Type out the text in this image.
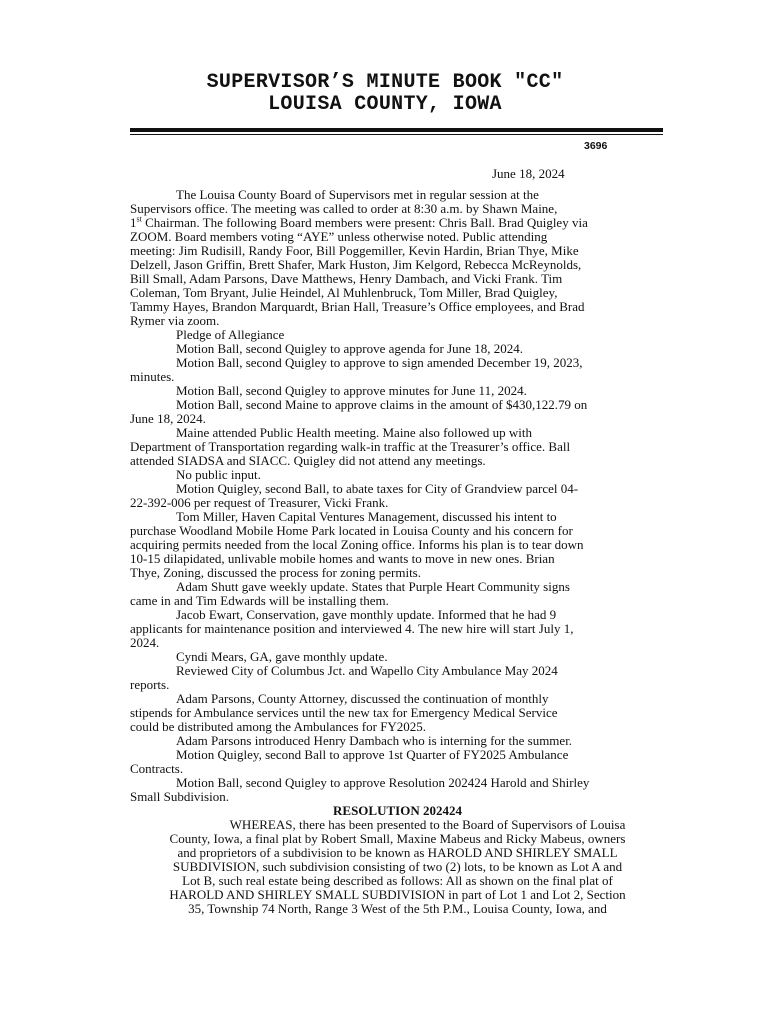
SUPERVISOR’S MINUTE BOOK "CC"
LOUISA COUNTY, IOWA
3696
June 18, 2024

The Louisa County Board of Supervisors met in regular session at the

Supervisors office. The meeting was called to order at 8:30 a.m. by Shawn Maine,

1st Chairman. The following Board members were present: Chris Ball. Brad Quigley via

ZOOM. Board members voting “AYE” unless otherwise noted. Public attending

meeting: Jim Rudisill, Randy Foor, Bill Poggemiller, Kevin Hardin, Brian Thye, Mike

Delzell, Jason Griffin, Brett Shafer, Mark Huston, Jim Kelgord, Rebecca McReynolds,

Bill Small, Adam Parsons, Dave Matthews, Henry Dambach, and Vicki Frank. Tim

Coleman, Tom Bryant, Julie Heindel, Al Muhlenbruck, Tom Miller, Brad Quigley,

Tammy Hayes, Brandon Marquardt, Brian Hall, Treasure’s Office employees, and Brad

Rymer via zoom.

Pledge of Allegiance

Motion Ball, second Quigley to approve agenda for June 18, 2024.

Motion Ball, second Quigley to approve to sign amended December 19, 2023,

minutes.

Motion Ball, second Quigley to approve minutes for June 11, 2024.

Motion Ball, second Maine to approve claims in the amount of $430,122.79 on

June 18, 2024.

Maine attended Public Health meeting. Maine also followed up with

Department of Transportation regarding walk-in traffic at the Treasurer’s office. Ball

attended SIADSA and SIACC. Quigley did not attend any meetings.

No public input.

Motion Quigley, second Ball, to abate taxes for City of Grandview parcel 04-

22-392-006 per request of Treasurer, Vicki Frank.

Tom Miller, Haven Capital Ventures Management, discussed his intent to

purchase Woodland Mobile Home Park located in Louisa County and his concern for

acquiring permits needed from the local Zoning office. Informs his plan is to tear down

10-15 dilapidated, unlivable mobile homes and wants to move in new ones. Brian

Thye, Zoning, discussed the process for zoning permits.

Adam Shutt gave weekly update. States that Purple Heart Community signs

came in and Tim Edwards will be installing them.

Jacob Ewart, Conservation, gave monthly update. Informed that he had 9

applicants for maintenance position and interviewed 4. The new hire will start July 1,

2024.

Cyndi Mears, GA, gave monthly update.

Reviewed City of Columbus Jct. and Wapello City Ambulance May 2024

reports.

Adam Parsons, County Attorney, discussed the continuation of monthly

stipends for Ambulance services until the new tax for Emergency Medical Service

could be distributed among the Ambulances for FY2025.

Adam Parsons introduced Henry Dambach who is interning for the summer.

Motion Quigley, second Ball to approve 1st Quarter of FY2025 Ambulance

Contracts.

Motion Ball, second Quigley to approve Resolution 202424 Harold and Shirley

Small Subdivision.

RESOLUTION 202424

WHEREAS, there has been presented to the Board of Supervisors of Louisa

County, Iowa, a final plat by Robert Small, Maxine Mabeus and Ricky Mabeus, owners

and proprietors of a subdivision to be known as HAROLD AND SHIRLEY SMALL

SUBDIVISION, such subdivision consisting of two (2) lots, to be known as Lot A and

Lot B, such real estate being described as follows: All as shown on the final plat of

HAROLD AND SHIRLEY SMALL SUBDIVISION in part of Lot 1 and Lot 2, Section

35, Township 74 North, Range 3 West of the 5th P.M., Louisa County, Iowa, and
